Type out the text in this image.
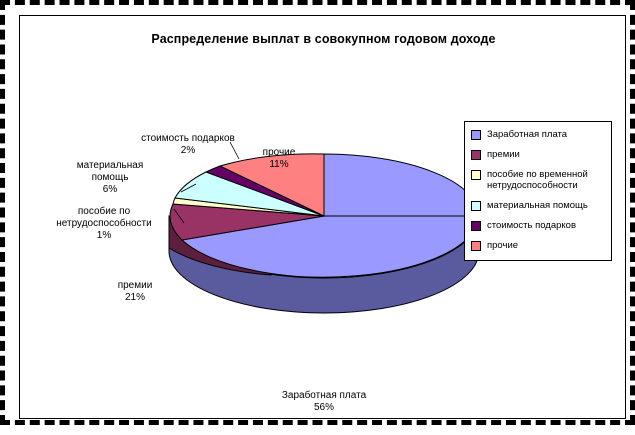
Распределение выплат в совокупном годовом доходе
стоимость подарков
2%	прочие
11%
материальная помощь
6%
пособие по нетрудоспособности
1%
премии
21%
Заработная плата
56%
Заработная плата
премии
пособие по временной нетрудоспособности
материальная помощь
стоимость подарков
прочие
